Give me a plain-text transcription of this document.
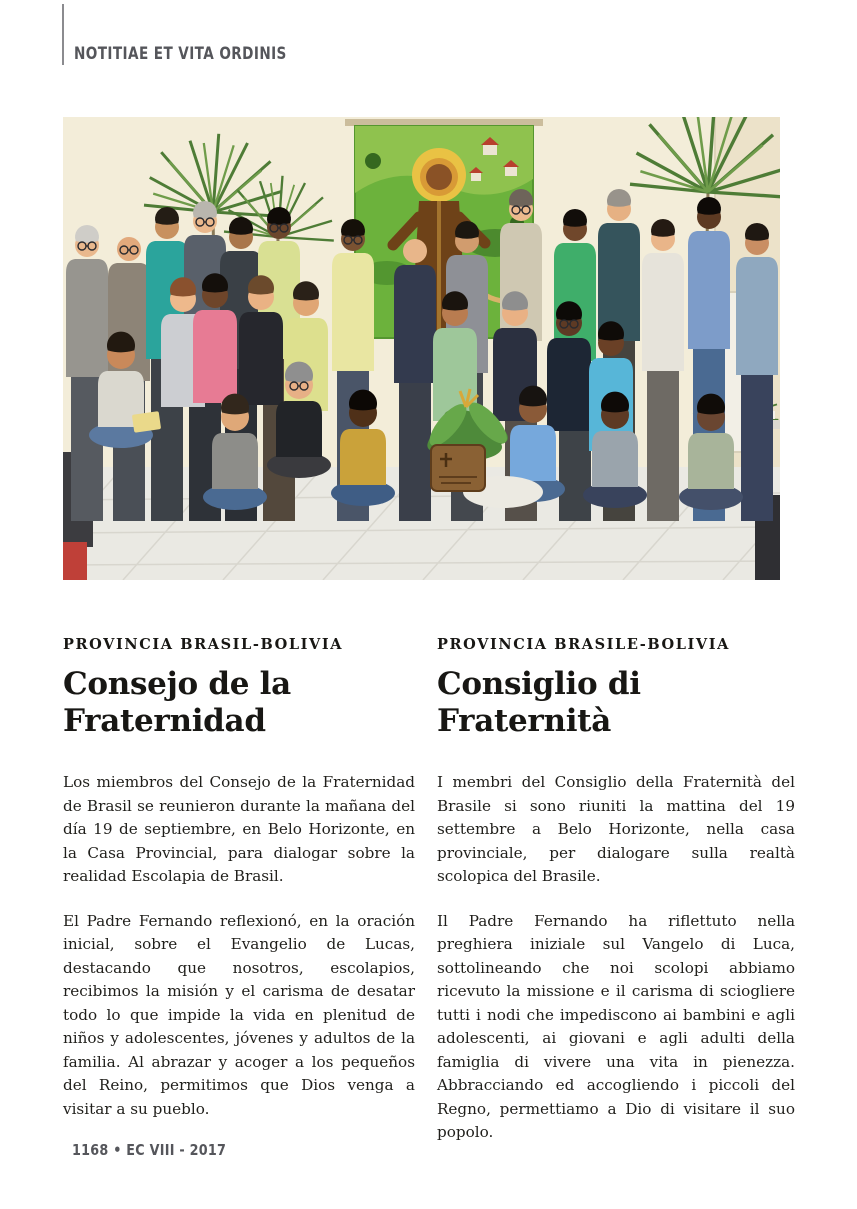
NOTITIAE ET VITA ORDINIS

PROVINCIA BRASIL-BOLIVIA

Consejo de la
Fraternidad

Los miembros del Consejo de la Fraternidad de Brasil se reunieron durante la mañana del día 19 de septiembre, en Belo Horizonte, en la Casa Provincial, para dialogar sobre la realidad Escolapia de Brasil.

El Padre Fernando reflexionó, en la oración inicial, sobre el Evangelio de Lucas, destacando que nosotros, escolapios, recibimos la misión y el carisma de desatar todo lo que impide la vida en plenitud de niños y adolescentes, jóvenes y adultos de la familia. Al abrazar y acoger a los pequeños del Reino, permitimos que Dios venga a visitar a su pueblo.

PROVINCIA BRASILE-BOLIVIA

Consiglio di
Fraternità

I membri del Consiglio della Fraternità del Brasile si sono riuniti la mattina del 19 settembre a Belo Horizonte, nella casa provinciale, per dialogare sulla realtà scolopica del Brasile.

Il Padre Fernando ha riflettuto nella preghiera iniziale sul Vangelo di Luca, sottolineando che noi scolopi abbiamo ricevuto la missione e il carisma di sciogliere tutti i nodi che impediscono ai bambini e agli adolescenti, ai giovani e agli adulti della famiglia di vivere una vita in pienezza. Abbracciando ed accogliendo i piccoli del Regno, permettiamo a Dio di visitare il suo popolo.

1168 • EC VIII - 2017
